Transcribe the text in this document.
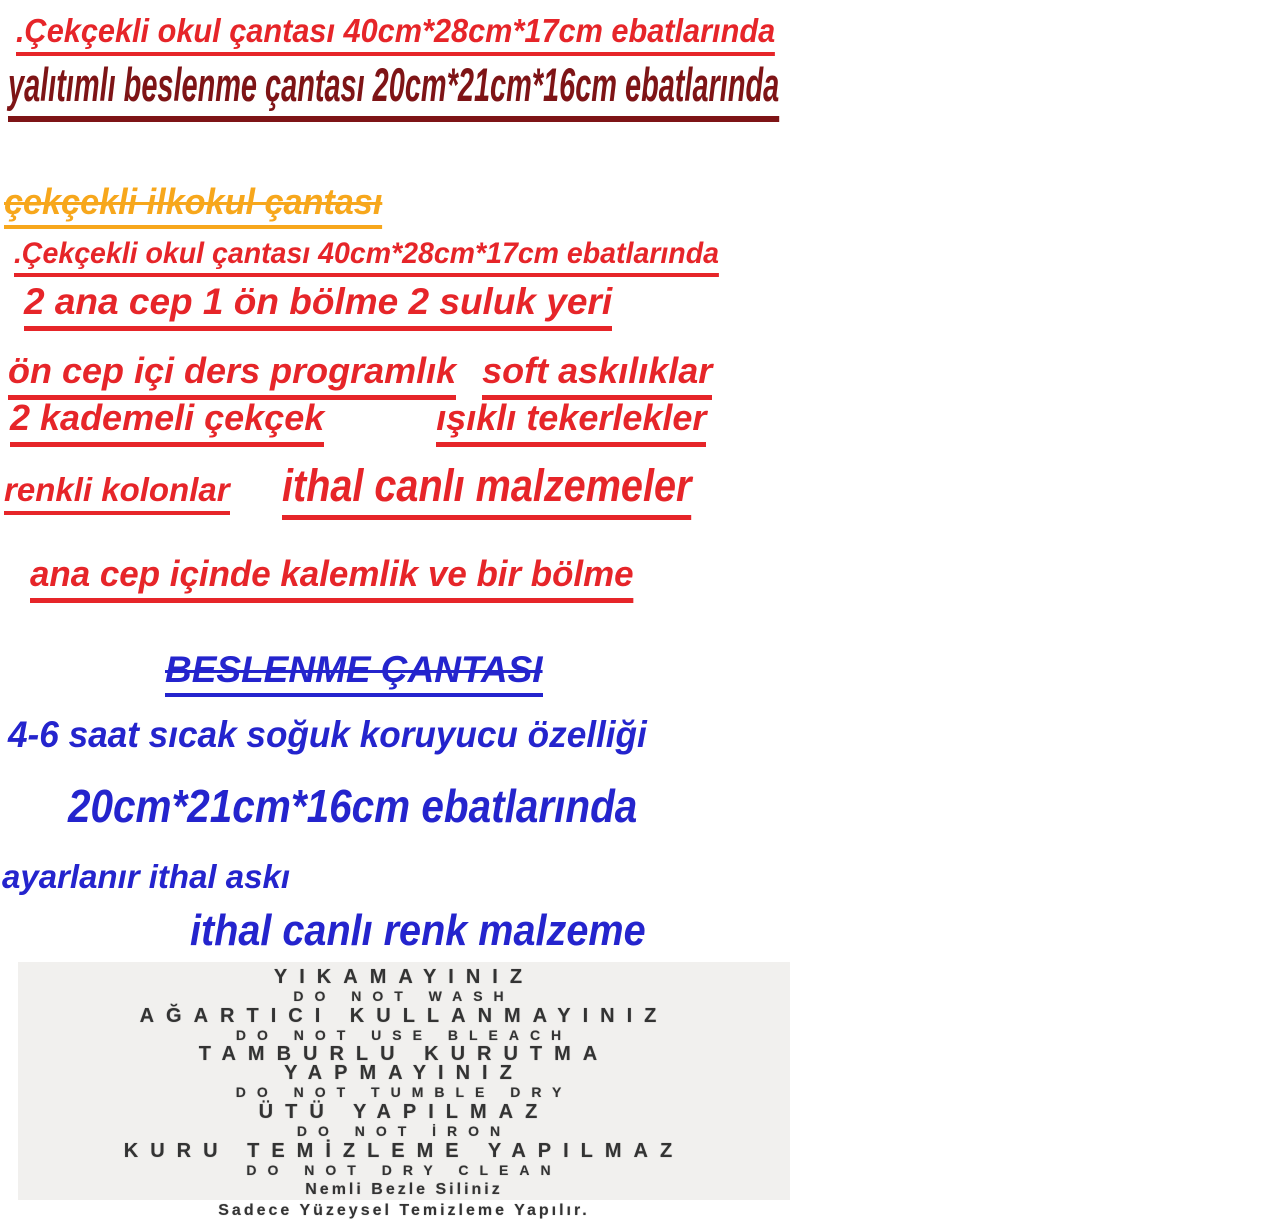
.Çekçekli okul çantası 40cm*28cm*17cm ebatlarında
yalıtımlı beslenme çantası 20cm*21cm*16cm ebatlarında
çekçekli ilkokul çantası
.Çekçekli okul çantası 40cm*28cm*17cm ebatlarında
2 ana cep 1 ön bölme 2 suluk yeri
ön cep içi ders programlık soft askılıklar
2 kademeli çekçek	ışıklı tekerlekler
renkli kolonlar ithal canlı malzemeler
ana cep içinde kalemlik ve bir bölme
BESLENME ÇANTASI
4-6 saat sıcak soğuk koruyucu özelliği
20cm*21cm*16cm ebatlarında
ayarlanır ithal askı
ithal canlı renk malzeme
YIKAMAYINIZ
DO NOT WASH
AĞARTICI KULLANMAYINIZ
DO NOT USE BLEACH
TAMBURLU KURUTMA YAPMAYINIZ
DO NOT TUMBLE DRY
ÜTÜ YAPILMAZ
DO NOT İRON
KURU TEMİZLEME YAPILMAZ
DO NOT DRY CLEAN
Nemli Bezle Siliniz
Sadece Yüzeysel Temizleme Yapılır.
